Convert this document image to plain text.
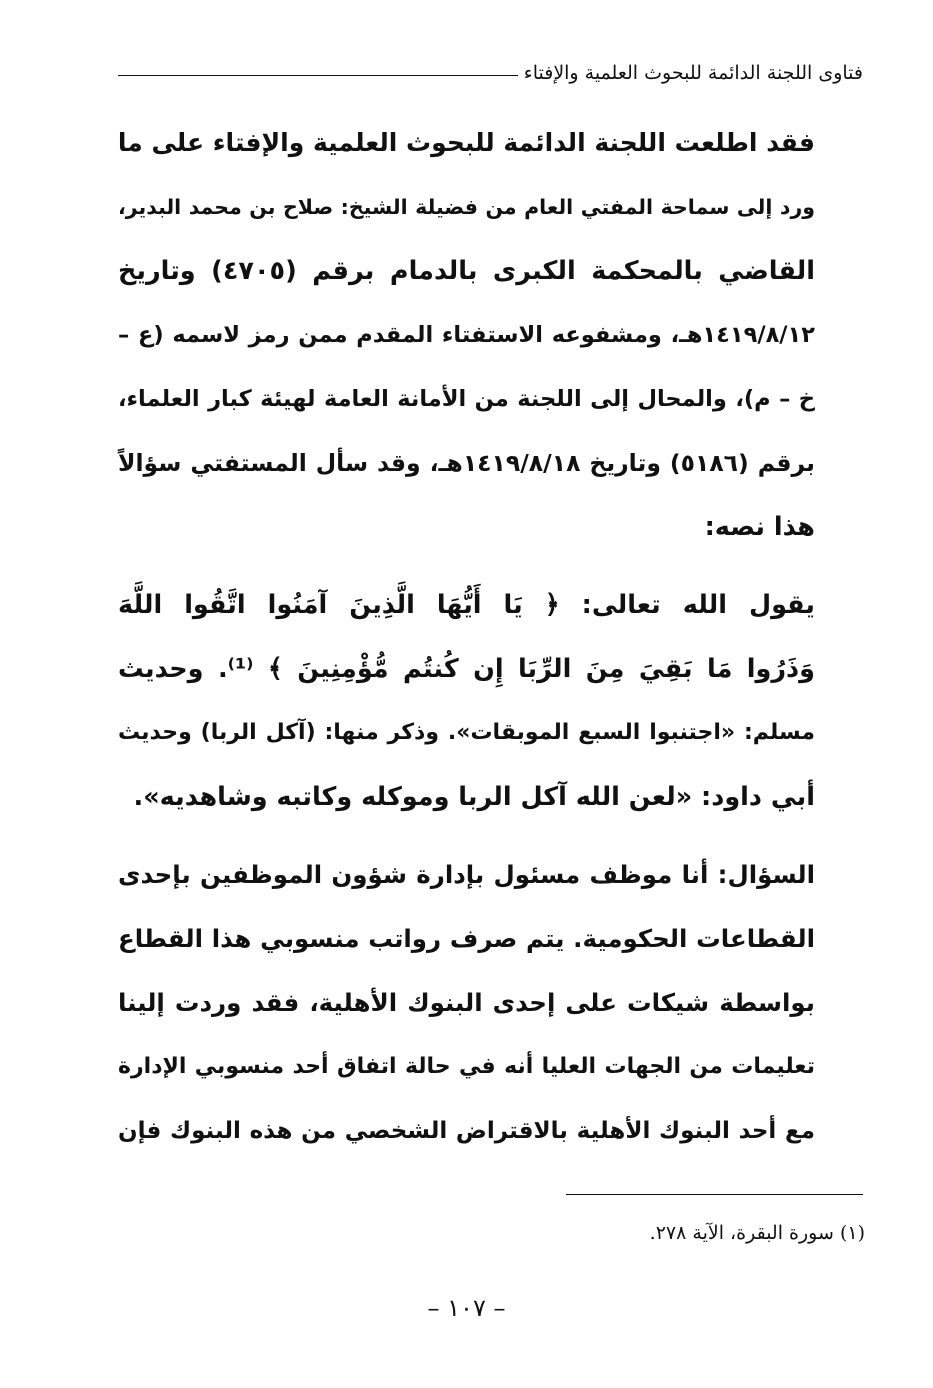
فتاوى اللجنة الدائمة للبحوث العلمية والإفتاء
فقد اطلعت اللجنة الدائمة للبحوث العلمية والإفتاء على ما
ورد إلى سماحة المفتي العام من فضيلة الشيخ: صلاح بن محمد البدير،
القاضي بالمحكمة الكبرى بالدمام برقم (٤٧٠٥) وتاريخ
١٤١٩/٨/١٢هـ، ومشفوعه الاستفتاء المقدم ممن رمز لاسمه (ع –
خ – م)، والمحال إلى اللجنة من الأمانة العامة لهيئة كبار العلماء،
برقم (٥١٨٦) وتاريخ ١٤١٩/٨/١٨هـ، وقد سأل المستفتي سؤالاً
هذا نصه:
يقول الله تعالى: ﴿ يَا أَيُّهَا الَّذِينَ آمَنُوا اتَّقُوا اللَّهَ
وَذَرُوا مَا بَقِيَ مِنَ الرِّبَا إِن كُنتُم مُّؤْمِنِينَ ﴾ ⁽¹⁾. وحديث
مسلم: «اجتنبوا السبع الموبقات». وذكر منها: (آكل الربا) وحديث
أبي داود: «لعن الله آكل الربا وموكله وكاتبه وشاهديه».
السؤال: أنا موظف مسئول بإدارة شؤون الموظفين بإحدى
القطاعات الحكومية. يتم صرف رواتب منسوبي هذا القطاع
بواسطة شيكات على إحدى البنوك الأهلية، فقد وردت إلينا
تعليمات من الجهات العليا أنه في حالة اتفاق أحد منسوبي الإدارة
مع أحد البنوك الأهلية بالاقتراض الشخصي من هذه البنوك فإن
(١) سورة البقرة، الآية ٢٧٨.
– ١٠٧ –
